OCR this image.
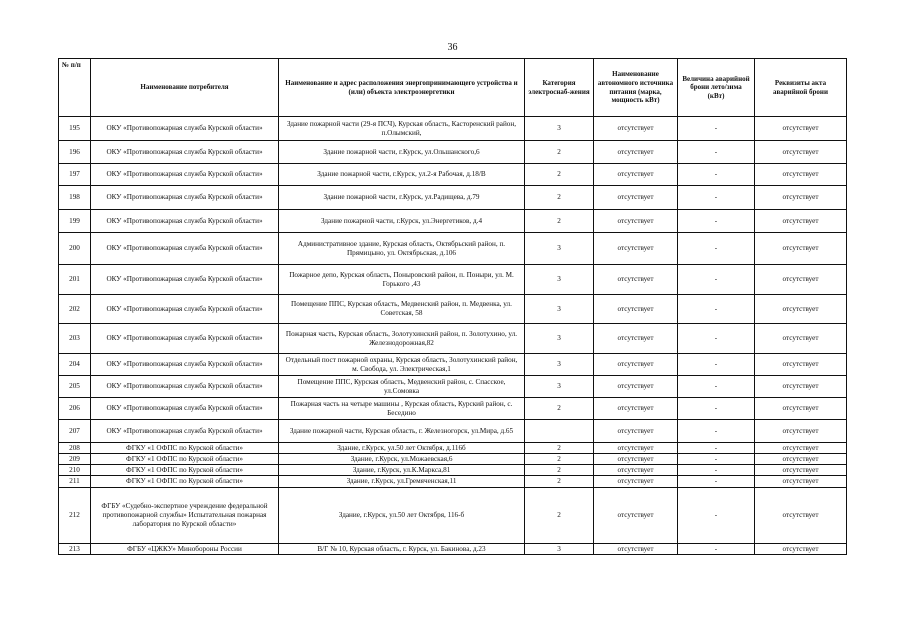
36
№ п/п	Наименование потребителя	Наименование и адрес расположения энергопринимающего устройства и (или) объекта электроэнергетики	Категория электроснаб-жения	Наименование автономного источника питания (марка, мощность кВт)	Величина аварийной брони лето/зима (кВт)	Реквизиты акта аварийной брони
195	ОКУ «Противопожарная служба Курской области»	Здание пожарной части (29-я ПСЧ), Курская область, Касторенский район, п.Олымский,	3	отсутствует	-	отсутствует
196	ОКУ «Противопожарная служба Курской области»	Здание пожарной части, г.Курск, ул.Ольшанского,6	2	отсутствует	-	отсутствует
197	ОКУ «Противопожарная служба Курской области»	Здание пожарной части, г.Курск, ул.2-я Рабочая, д.18/В	2	отсутствует	-	отсутствует
198	ОКУ «Противопожарная служба Курской области»	Здание пожарной части, г.Курск, ул.Радищева, д.79	2	отсутствует	-	отсутствует
199	ОКУ «Противопожарная служба Курской области»	Здание пожарной части, г.Курск, ул.Энергетиков, д.4	2	отсутствует	-	отсутствует
200	ОКУ «Противопожарная служба Курской области»	Административное здание, Курская область, Октябрьский район, п. Прямицыно, ул. Октябрьская, д.106	3	отсутствует	-	отсутствует
201	ОКУ «Противопожарная служба Курской области»	Пожарное депо, Курская область, Поныровский район, п. Поныри, ул. М. Горького ,43	3	отсутствует	-	отсутствует
202	ОКУ «Противопожарная служба Курской области»	Помещение ППС, Курская область, Медвенский район, п. Медвенка, ул. Советская, 58	3	отсутствует	-	отсутствует
203	ОКУ «Противопожарная служба Курской области»	Пожарная часть, Курская область, Золотухинский район, п. Золотухино, ул. Железнодорожная,82	3	отсутствует	-	отсутствует
204	ОКУ «Противопожарная служба Курской области»	Отдельный пост пожарной охраны, Курская область, Золотухинский район, м. Свобода, ул. Электрическая,1	3	отсутствует	-	отсутствует
205	ОКУ «Противопожарная служба Курской области»	Помещение ППС, Курская область, Медвенский район, с. Спасское, ул.Сомовка	3	отсутствует	-	отсутствует
206	ОКУ «Противопожарная служба Курской области»	Пожарная часть на четыре машины , Курская область, Курский район, с. Беседино	2	отсутствует	-	отсутствует
207	ОКУ «Противопожарная служба Курской области»	Здание пожарной части, Курская область, г. Железногорск, ул.Мира, д.65		отсутствует	-	отсутствует
208	ФГКУ «1 ОФПС по Курской области»	Здание, г.Курск, ул.50 лет Октября, д.116б	2	отсутствует	-	отсутствует
209	ФГКУ «1 ОФПС по Курской области»	Здание, г.Курск, ул.Можаевская,6	2	отсутствует	-	отсутствует
210	ФГКУ «1 ОФПС по Курской области»	Здание, г.Курск, ул.К.Маркса,81	2	отсутствует	-	отсутствует
211	ФГКУ «1 ОФПС по Курской области»	Здание, г.Курск, ул.Гремяченская,11	2	отсутствует	-	отсутствует
212	ФГБУ «Судебно-экспертное учреждение федеральной противопожарной службы» Испытательная пожарная лаборатория по Курской области»	Здание, г.Курск, ул.50 лет Октября, 116-б	2	отсутствует	-	отсутствует
213	ФГБУ «ЦЖКУ» Минобороны России	В/Г № 10, Курская область, г. Курск, ул. Бакинова, д.23	3	отсутствует	-	отсутствует
